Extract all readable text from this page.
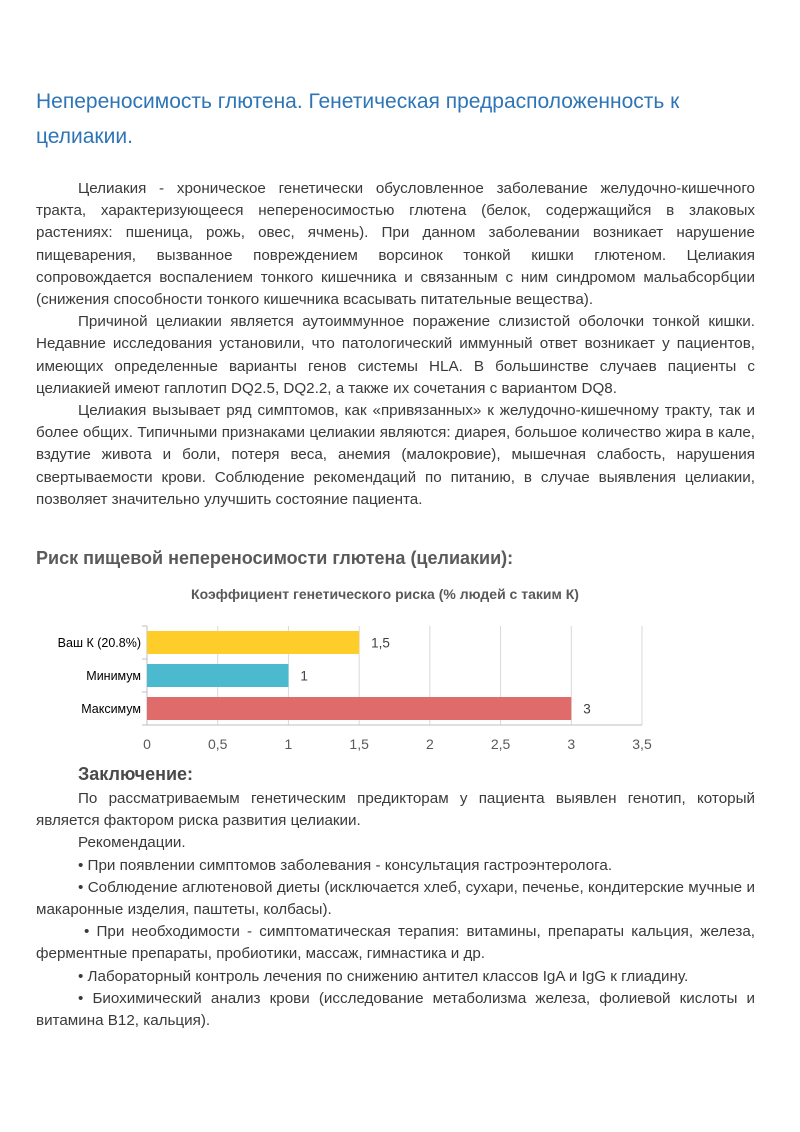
Непереносимость глютена. Генетическая предрасположенность к целиакии.

Целиакия - хроническое генетически обусловленное заболевание желудочно-кишечного тракта, характеризующееся непереносимостью глютена (белок, содержащийся в злаковых растениях: пшеница, рожь, овес, ячмень). При данном заболевании возникает нарушение пищеварения, вызванное повреждением ворсинок тонкой кишки глютеном. Целиакия сопровождается воспалением тонкого кишечника и связанным с ним синдромом мальабсорбции (снижения способности тонкого кишечника всасывать питательные вещества).

Причиной целиакии является аутоиммунное поражение слизистой оболочки тонкой кишки. Недавние исследования установили, что патологический иммунный ответ возникает у пациентов, имеющих определенные варианты генов системы HLA. В большинстве случаев пациенты с целиакией имеют гаплотип DQ2.5, DQ2.2, а также их сочетания с вариантом DQ8.

Целиакия вызывает ряд симптомов, как «привязанных» к желудочно-кишечному тракту, так и более общих. Типичными признаками целиакии являются: диарея, большое количество жира в кале, вздутие живота и боли, потеря веса, анемия (малокровие), мышечная слабость, нарушения свертываемости крови. Соблюдение рекомендаций по питанию, в случае выявления целиакии, позволяет значительно улучшить состояние пациента.

Риск пищевой непереносимости глютена (целиакии):
Коэффициент генетического риска (% людей с таким К)
Ваш К (20.8%)	1,5
Минимум	1
Максимум	3
0	0,5	1	1,5	2	2,5	3	3,5
Заключение:

По рассматриваемым генетическим предикторам у пациента выявлен генотип, который является фактором риска развития целиакии.

Рекомендации.

• При появлении симптомов заболевания - консультация гастроэнтеролога.

• Соблюдение аглютеновой диеты (исключается хлеб, сухари, печенье, кондитерские мучные и макаронные изделия, паштеты, колбасы).

• При необходимости - симптоматическая терапия: витамины, препараты кальция, железа, ферментные препараты, пробиотики, массаж, гимнастика и др.

• Лабораторный контроль лечения по снижению антител классов IgA и IgG к глиадину.

• Биохимический анализ крови (исследование метаболизма железа, фолиевой кислоты и витамина B12, кальция).
